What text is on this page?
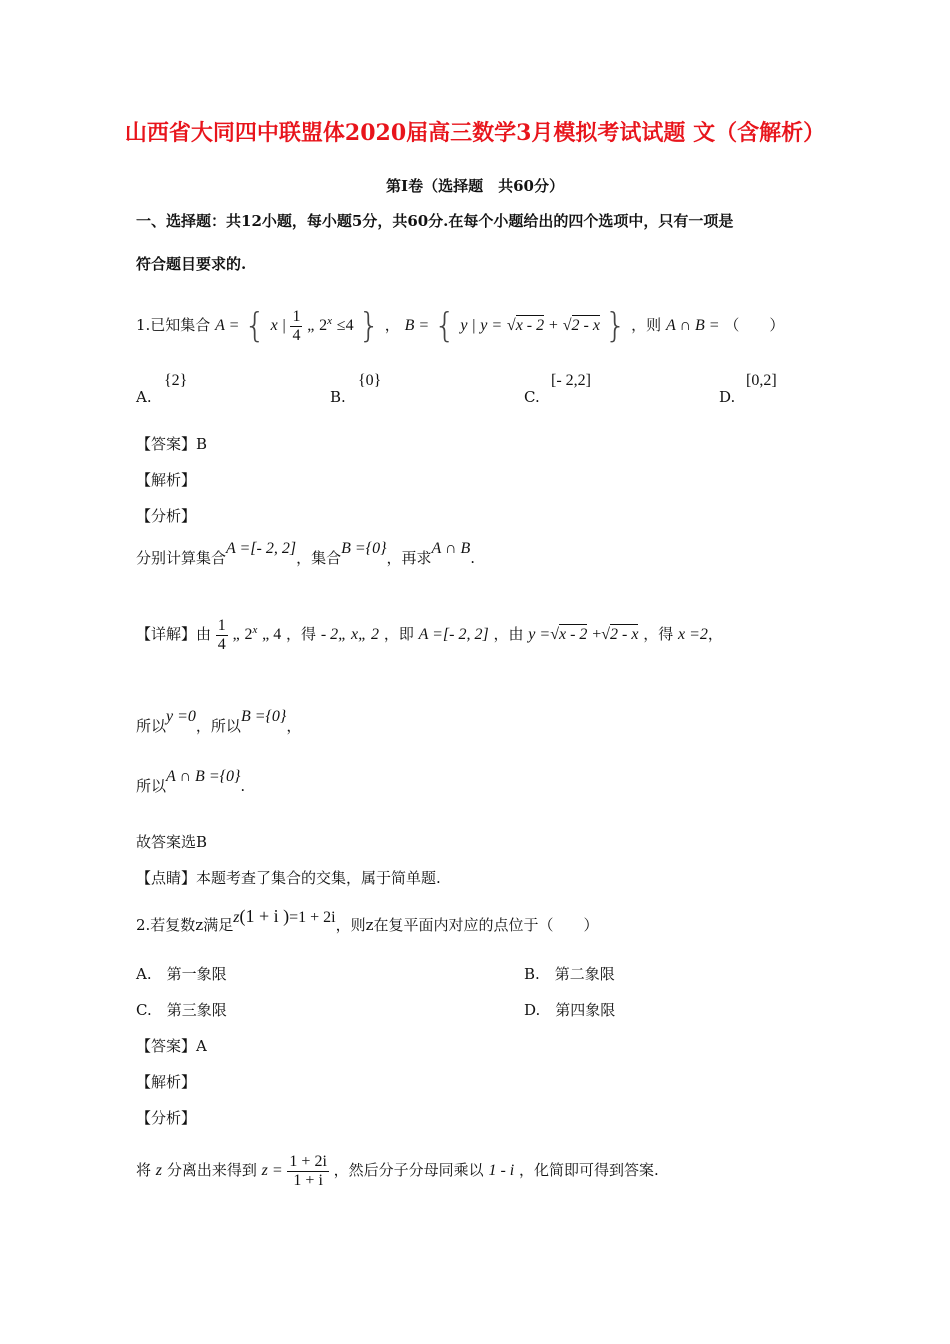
山西省大同四中联盟体2020届高三数学3月模拟考试试题 文（含解析）
第Ⅰ卷（选择题　共60分）
一、选择题：共12小题，每小题5分，共60分.在每个小题给出的四个选项中，只有一项是
符合题目要求的.
1.已知集合 A = { x | $\frac{1}{4}$ „ $2^x \le 4$ } ， B = { y | y = √x - 2 + √2 - x } ，则 A ∩ B = （　　）
A.
{2}
B.
{0}
C.
[- 2,2]
D.
[0,2]
【答案】B
【解析】
【分析】
分别计算集合A =[- 2, 2]，集合B ={0}，再求A ∩ B.
【详解】由 $\frac{1}{4}$ „ 2$^x$ „ 4 ，得 - 2„ x„ 2 ，即 A =[- 2, 2] ，由 y =√x - 2 +√2 - x ，得 x =2，
所以y =0，所以B ={0}，
所以A ∩ B ={0}.
故答案选B
【点睛】本题考查了集合的交集，属于简单题.
2.若复数z满足z(1 + i )=1 + 2i，则z在复平面内对应的点位于（　　）
A.　第一象限	B.　第二象限
C.　第三象限	D.　第四象限
【答案】A
【解析】
【分析】
将 z 分离出来得到 $z = \frac{1 + 2i}{1 + i}$ ，然后分子分母同乘以 1 - i ，化简即可得到答案.
